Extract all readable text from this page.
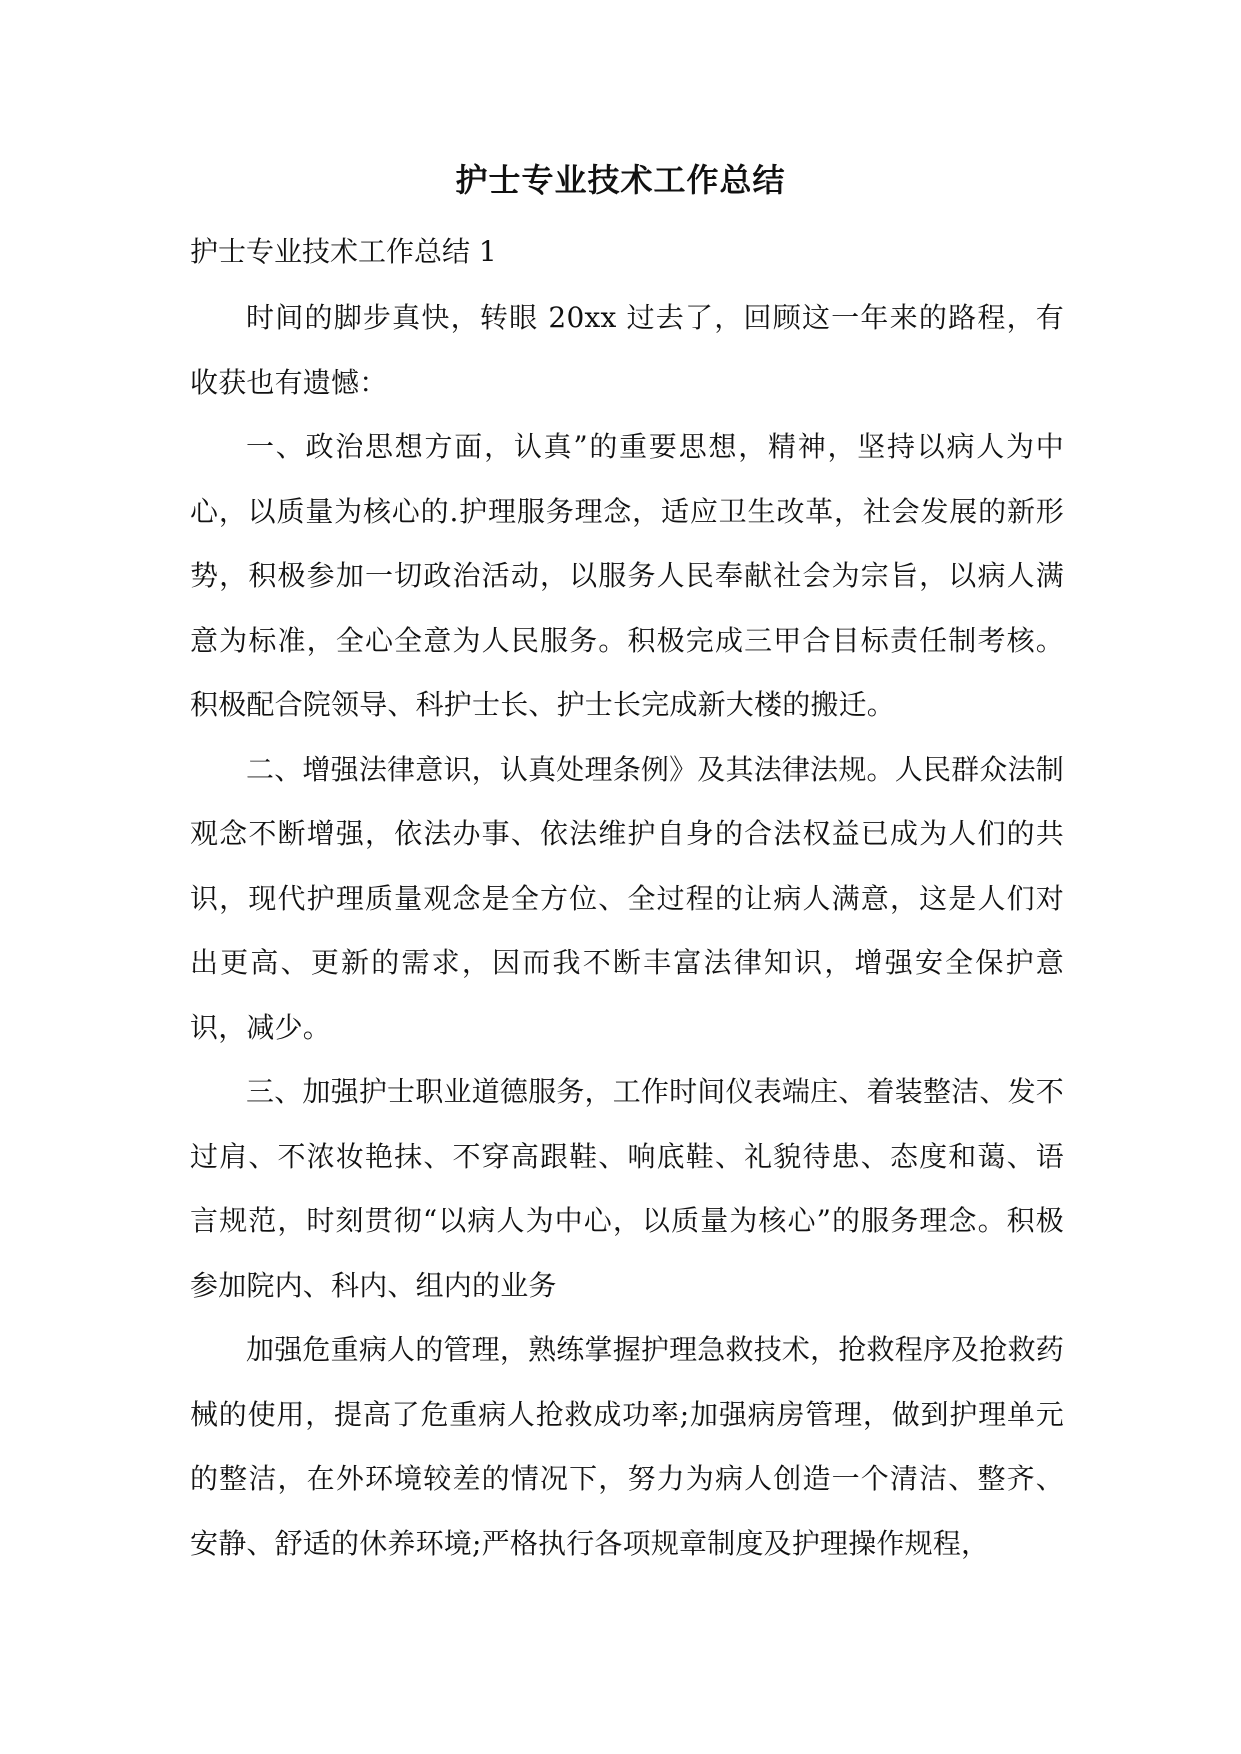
护士专业技术工作总结
护士专业技术工作总结 1

时间的脚步真快，转眼 20xx 过去了，回顾这一年来的路程，有收获也有遗憾：

一、政治思想方面，认真”的重要思想，精神，坚持以病人为中心，以质量为核心的.护理服务理念，适应卫生改革，社会发展的新形势，积极参加一切政治活动，以服务人民奉献社会为宗旨，以病人满意为标准，全心全意为人民服务。积极完成三甲合目标责任制考核。积极配合院领导、科护士长、护士长完成新大楼的搬迁。

二、增强法律意识，认真处理条例》及其法律法规。人民群众法制观念不断增强，依法办事、依法维护自身的合法权益已成为人们的共识，现代护理质量观念是全方位、全过程的让病人满意，这是人们对出更高、更新的需求，因而我不断丰富法律知识，增强安全保护意识，减少。

三、加强护士职业道德服务，工作时间仪表端庄、着装整洁、发不过肩、不浓妆艳抹、不穿高跟鞋、响底鞋、礼貌待患、态度和蔼、语言规范，时刻贯彻“以病人为中心，以质量为核心”的服务理念。积极参加院内、科内、组内的业务

加强危重病人的管理，熟练掌握护理急救技术，抢救程序及抢救药械的使用，提高了危重病人抢救成功率;加强病房管理，做到护理单元的整洁，在外环境较差的情况下，努力为病人创造一个清洁、整齐、安静、舒适的休养环境;严格执行各项规章制度及护理操作规程，
